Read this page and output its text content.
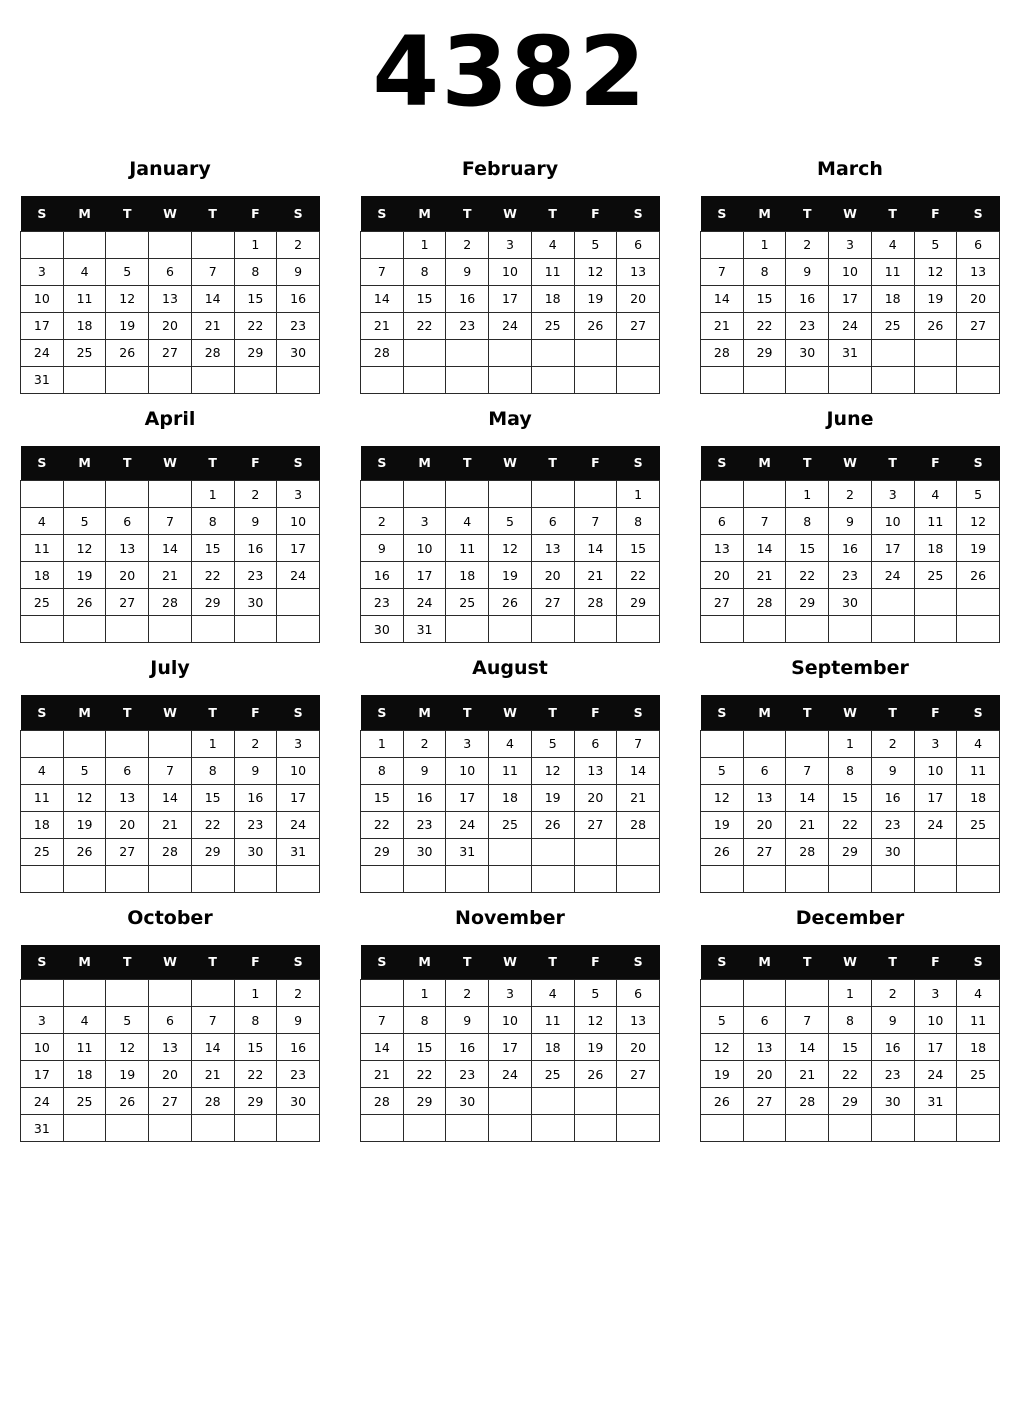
4382
January
S	M	T	W	T	F	S
					1	2
3	4	5	6	7	8	9
10	11	12	13	14	15	16
17	18	19	20	21	22	23
24	25	26	27	28	29	30
31						
February
S	M	T	W	T	F	S
	1	2	3	4	5	6
7	8	9	10	11	12	13
14	15	16	17	18	19	20
21	22	23	24	25	26	27
28						

March
S	M	T	W	T	F	S
	1	2	3	4	5	6
7	8	9	10	11	12	13
14	15	16	17	18	19	20
21	22	23	24	25	26	27
28	29	30	31			

April
S	M	T	W	T	F	S
				1	2	3
4	5	6	7	8	9	10
11	12	13	14	15	16	17
18	19	20	21	22	23	24
25	26	27	28	29	30	

May
S	M	T	W	T	F	S
						1
2	3	4	5	6	7	8
9	10	11	12	13	14	15
16	17	18	19	20	21	22
23	24	25	26	27	28	29
30	31					
June
S	M	T	W	T	F	S
		1	2	3	4	5
6	7	8	9	10	11	12
13	14	15	16	17	18	19
20	21	22	23	24	25	26
27	28	29	30			

July
S	M	T	W	T	F	S
				1	2	3
4	5	6	7	8	9	10
11	12	13	14	15	16	17
18	19	20	21	22	23	24
25	26	27	28	29	30	31

August
S	M	T	W	T	F	S
1	2	3	4	5	6	7
8	9	10	11	12	13	14
15	16	17	18	19	20	21
22	23	24	25	26	27	28
29	30	31				

September
S	M	T	W	T	F	S
			1	2	3	4
5	6	7	8	9	10	11
12	13	14	15	16	17	18
19	20	21	22	23	24	25
26	27	28	29	30		

October
S	M	T	W	T	F	S
					1	2
3	4	5	6	7	8	9
10	11	12	13	14	15	16
17	18	19	20	21	22	23
24	25	26	27	28	29	30
31						
November
S	M	T	W	T	F	S
	1	2	3	4	5	6
7	8	9	10	11	12	13
14	15	16	17	18	19	20
21	22	23	24	25	26	27
28	29	30				

December
S	M	T	W	T	F	S
			1	2	3	4
5	6	7	8	9	10	11
12	13	14	15	16	17	18
19	20	21	22	23	24	25
26	27	28	29	30	31	
